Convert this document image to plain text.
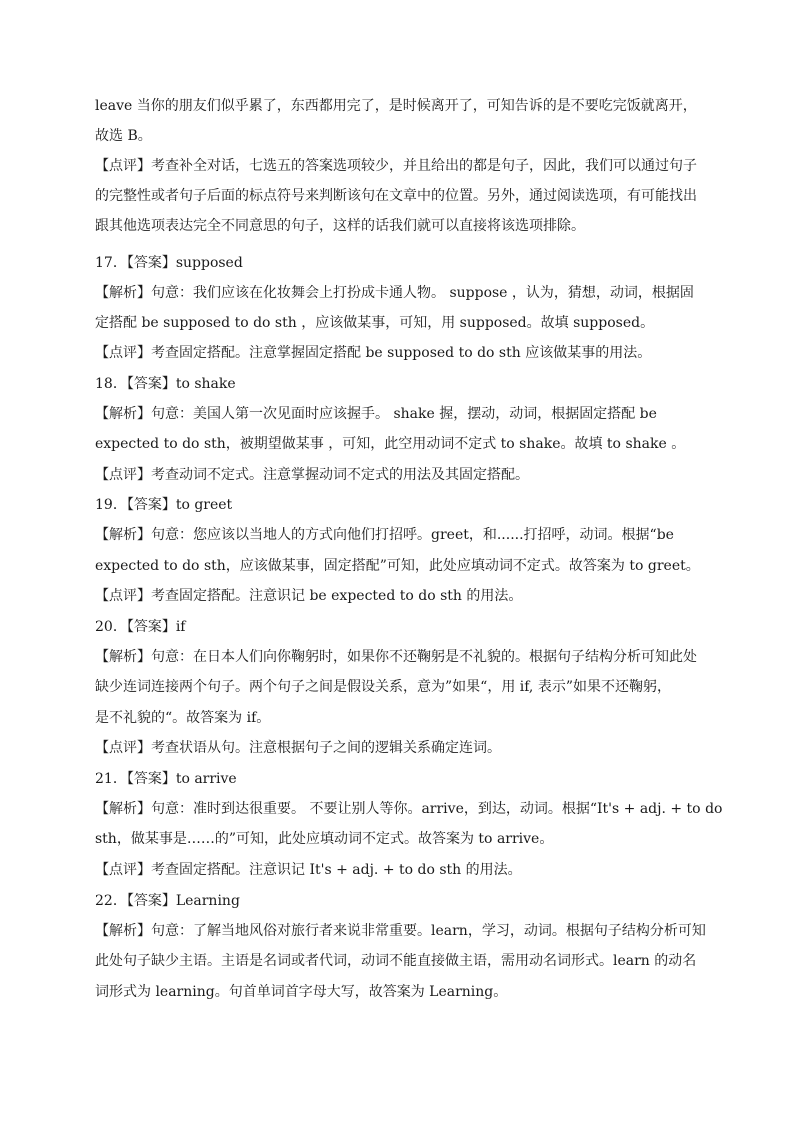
leave 当你的朋友们似乎累了，东西都用完了，是时候离开了，可知告诉的是不要吃完饭就离开，
故选 B。
【点评】考查补全对话，七选五的答案选项较少，并且给出的都是句子，因此，我们可以通过句子
的完整性或者句子后面的标点符号来判断该句在文章中的位置。另外，通过阅读选项，有可能找出
跟其他选项表达完全不同意思的句子，这样的话我们就可以直接将该选项排除。
17．【答案】supposed
【解析】句意：我们应该在化妆舞会上打扮成卡通人物。 suppose ，认为，猜想，动词，根据固
定搭配 be supposed to do sth ，应该做某事，可知，用 supposed。故填 supposed。
【点评】考查固定搭配。注意掌握固定搭配 be supposed to do sth 应该做某事的用法。
18．【答案】to shake
【解析】句意：美国人第一次见面时应该握手。 shake 握，摆动，动词，根据固定搭配 be
expected to do sth，被期望做某事 ，可知，此空用动词不定式 to shake。故填 to shake 。
【点评】考查动词不定式。注意掌握动词不定式的用法及其固定搭配。
19．【答案】to greet
【解析】句意：您应该以当地人的方式向他们打招呼。greet，和......打招呼，动词。根据“be
expected to do sth，应该做某事，固定搭配”可知，此处应填动词不定式。故答案为 to greet。
【点评】考查固定搭配。注意识记 be expected to do sth 的用法。
20．【答案】if
【解析】句意：在日本人们向你鞠躬时，如果你不还鞠躬是不礼貌的。根据句子结构分析可知此处
缺少连词连接两个句子。两个句子之间是假设关系，意为”如果“，用 if, 表示”如果不还鞠躬，
是不礼貌的“。故答案为 if。
【点评】考查状语从句。注意根据句子之间的逻辑关系确定连词。
21．【答案】to arrive
【解析】句意：准时到达很重要。 不要让别人等你。arrive，到达，动词。根据“It's + adj. + to do
sth，做某事是……的”可知，此处应填动词不定式。故答案为 to arrive。
【点评】考查固定搭配。注意识记 It's + adj. + to do sth 的用法。
22．【答案】Learning
【解析】句意：了解当地风俗对旅行者来说非常重要。learn，学习，动词。根据句子结构分析可知
此处句子缺少主语。主语是名词或者代词，动词不能直接做主语，需用动名词形式。learn 的动名
词形式为 learning。句首单词首字母大写，故答案为 Learning。
